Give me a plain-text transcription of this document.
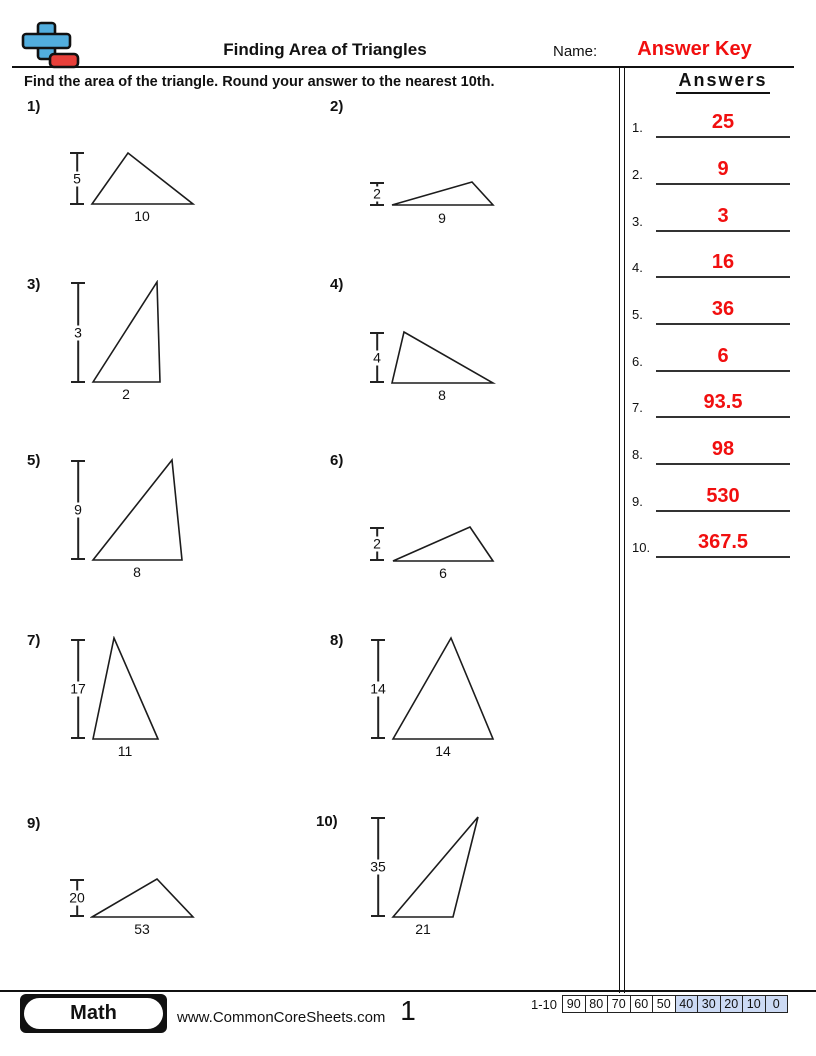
Finding Area of Triangles	Name:	Answer Key
Find the area of the triangle. Round your answer to the nearest 10th.
1)
5
10
2)
2
9
3)
3
2
4)
4
8
5)
9
8
6)
2
6
7)
17
11
8)
14
14
9)
20
53
10)
35
21
Answers
1.	25
2.	9
3.	3
4.	16
5.	36
6.	6
7.	93.5
8.	98
9.	530
10.	367.5
Math	www.CommonCoreSheets.com 1	1-10 90 80 70 60 50 40 30 20 10 0
